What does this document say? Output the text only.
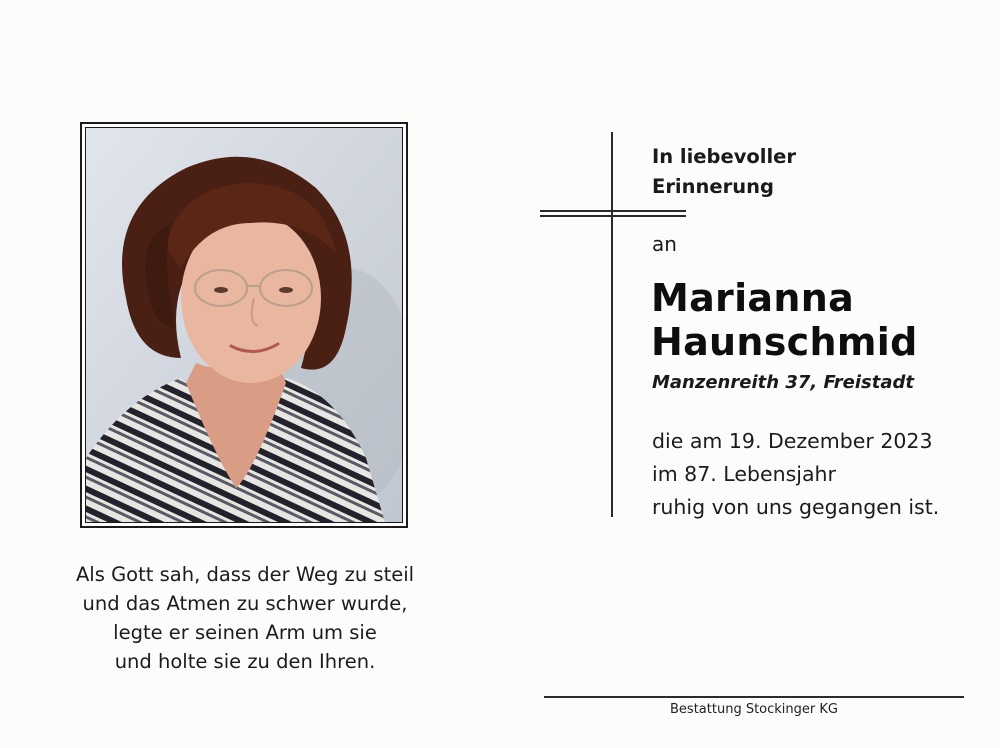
Als Gott sah, dass der Weg zu steil
und das Atmen zu schwer wurde,
legte er seinen Arm um sie
und holte sie zu den Ihren.
In liebevoller
Erinnerung
an
Marianna
Haunschmid
Manzenreith 37, Freistadt
die am 19. Dezember 2023
im 87. Lebensjahr
ruhig von uns gegangen ist.
Bestattung Stockinger KG
